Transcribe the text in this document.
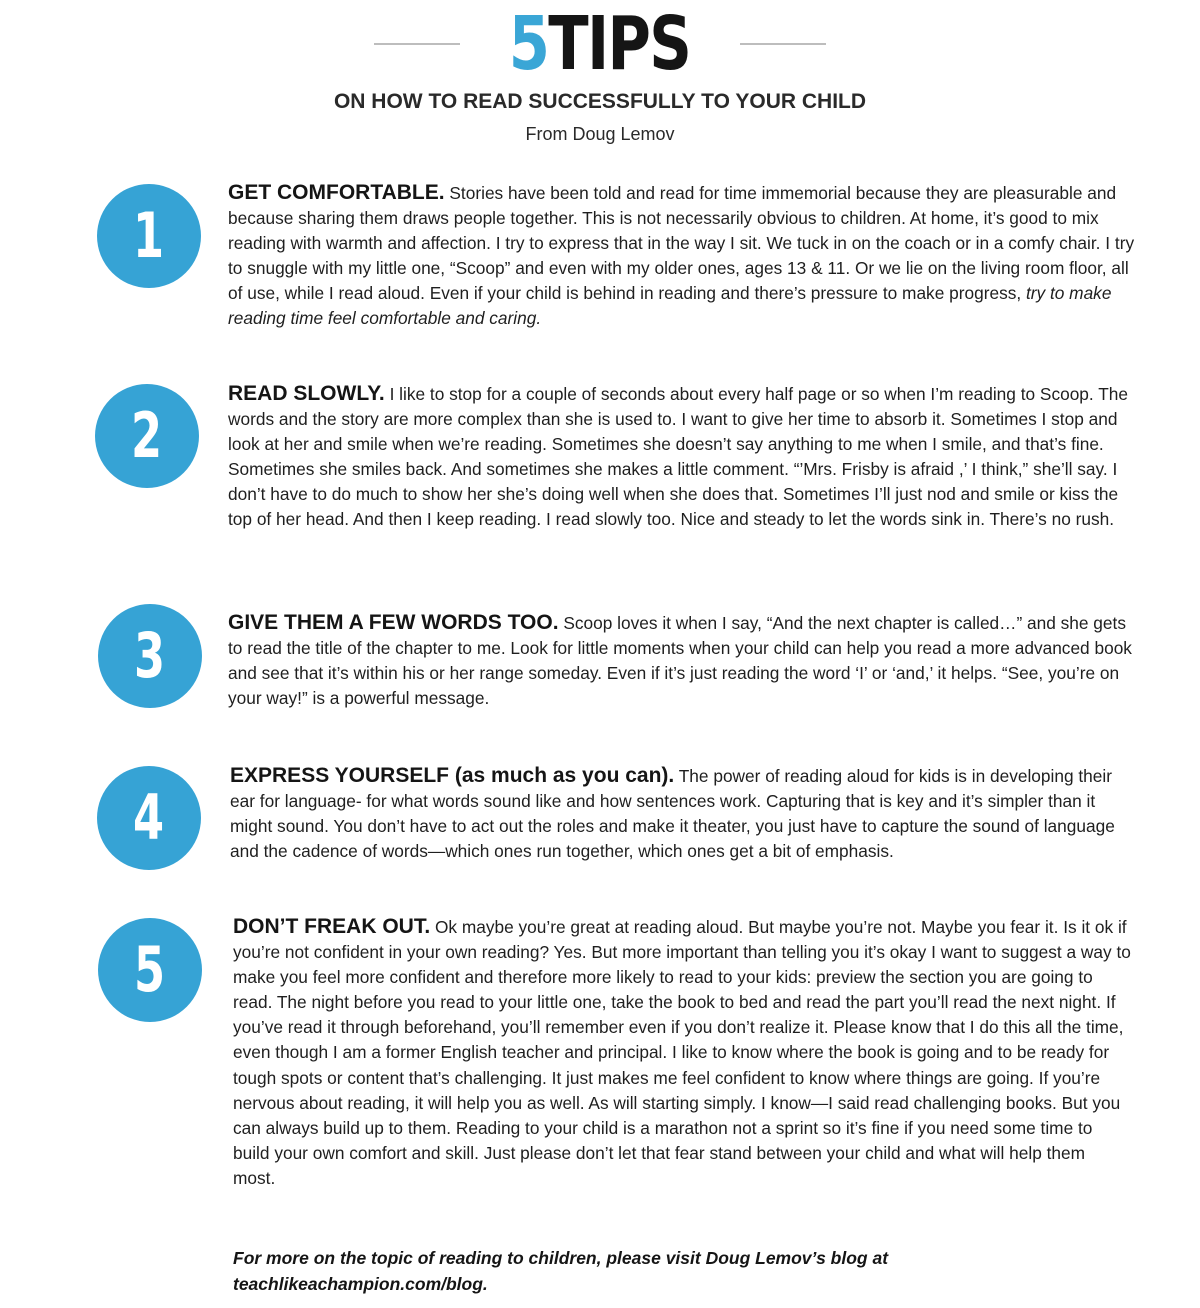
5TIPS
ON HOW TO READ SUCCESSFULLY TO YOUR CHILD
From Doug Lemov
1
GET COMFORTABLE. Stories have been told and read for time immemorial because they are pleasurable and because sharing them draws people together. This is not necessarily obvious to children. At home, it’s good to mix reading with warmth and affection. I try to express that in the way I sit. We tuck in on the coach or in a comfy chair. I try to snuggle with my little one, “Scoop” and even with my older ones, ages 13 & 11. Or we lie on the living room floor, all of use, while I read aloud. Even if your child is behind in reading and there’s pressure to make progress, try to make reading time feel comfortable and caring.
2
READ SLOWLY. I like to stop for a couple of seconds about every half page or so when I’m reading to Scoop. The words and the story are more complex than she is used to. I want to give her time to absorb it. Sometimes I stop and look at her and smile when we’re reading. Sometimes she doesn’t say anything to me when I smile, and that’s fine. Sometimes she smiles back. And sometimes she makes a little comment. “’Mrs. Frisby is afraid ,’ I think,” she’ll say. I don’t have to do much to show her she’s doing well when she does that. Sometimes I’ll just nod and smile or kiss the top of her head. And then I keep reading. I read slowly too. Nice and steady to let the words sink in. There’s no rush.
3	GIVE THEM A FEW WORDS TOO. Scoop loves it when I say, “And the next chapter is called…” and she gets to read the title of the chapter to me. Look for little moments when your child can help you read a more advanced book and see that it’s within his or her range someday. Even if it’s just reading the word ‘I’ or ‘and,’ it helps. “See, you’re on your way!” is a powerful message.
4
EXPRESS YOURSELF (as much as you can). The power of reading aloud for kids is in developing their ear for language- for what words sound like and how sentences work. Capturing that is key and it’s simpler than it might sound. You don’t have to act out the roles and make it theater, you just have to capture the sound of language and the cadence of words—which ones run together, which ones get a bit of emphasis.
5
DON’T FREAK OUT. Ok maybe you’re great at reading aloud. But maybe you’re not. Maybe you fear it. Is it ok if you’re not confident in your own reading? Yes. But more important than telling you it’s okay I want to suggest a way to make you feel more confident and therefore more likely to read to your kids: preview the section you are going to read. The night before you read to your little one, take the book to bed and read the part you’ll read the next night. If you’ve read it through beforehand, you’ll remember even if you don’t realize it. Please know that I do this all the time, even though I am a former English teacher and principal. I like to know where the book is going and to be ready for tough spots or content that’s challenging. It just makes me feel confident to know where things are going. If you’re nervous about reading, it will help you as well. As will starting simply. I know—I said read challenging books. But you can always build up to them. Reading to your child is a marathon not a sprint so it’s fine if you need some time to build your own comfort and skill. Just please don’t let that fear stand between your child and what will help them most.
For more on the topic of reading to children, please visit Doug Lemov’s blog at teachlikeachampion.com/blog.
